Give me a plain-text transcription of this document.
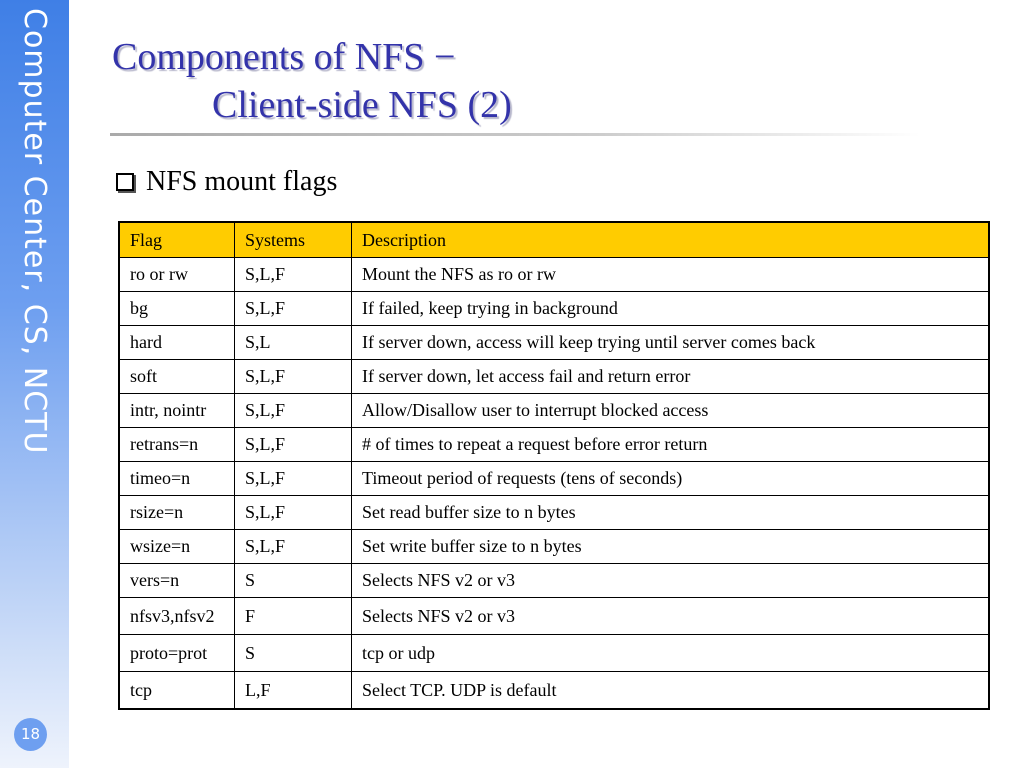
Computer Center, CS, NCTU
18
Components of NFS −
Client-side NFS (2)
NFS mount flags
Flag	Systems	Description
ro or rw	S,L,F	Mount the NFS as ro or rw
bg	S,L,F	If failed, keep trying in background
hard	S,L	If server down, access will keep trying until server comes back
soft	S,L,F	If server down, let access fail and return error
intr, nointr	S,L,F	Allow/Disallow user to interrupt blocked access
retrans=n	S,L,F	# of times to repeat a request before error return
timeo=n	S,L,F	Timeout period of requests (tens of seconds)
rsize=n	S,L,F	Set read buffer size to n bytes
wsize=n	S,L,F	Set write buffer size to n bytes
vers=n	S	Selects NFS v2 or v3
nfsv3,nfsv2	F	Selects NFS v2 or v3
proto=prot	S	tcp or udp
tcp	L,F	Select TCP. UDP is default
